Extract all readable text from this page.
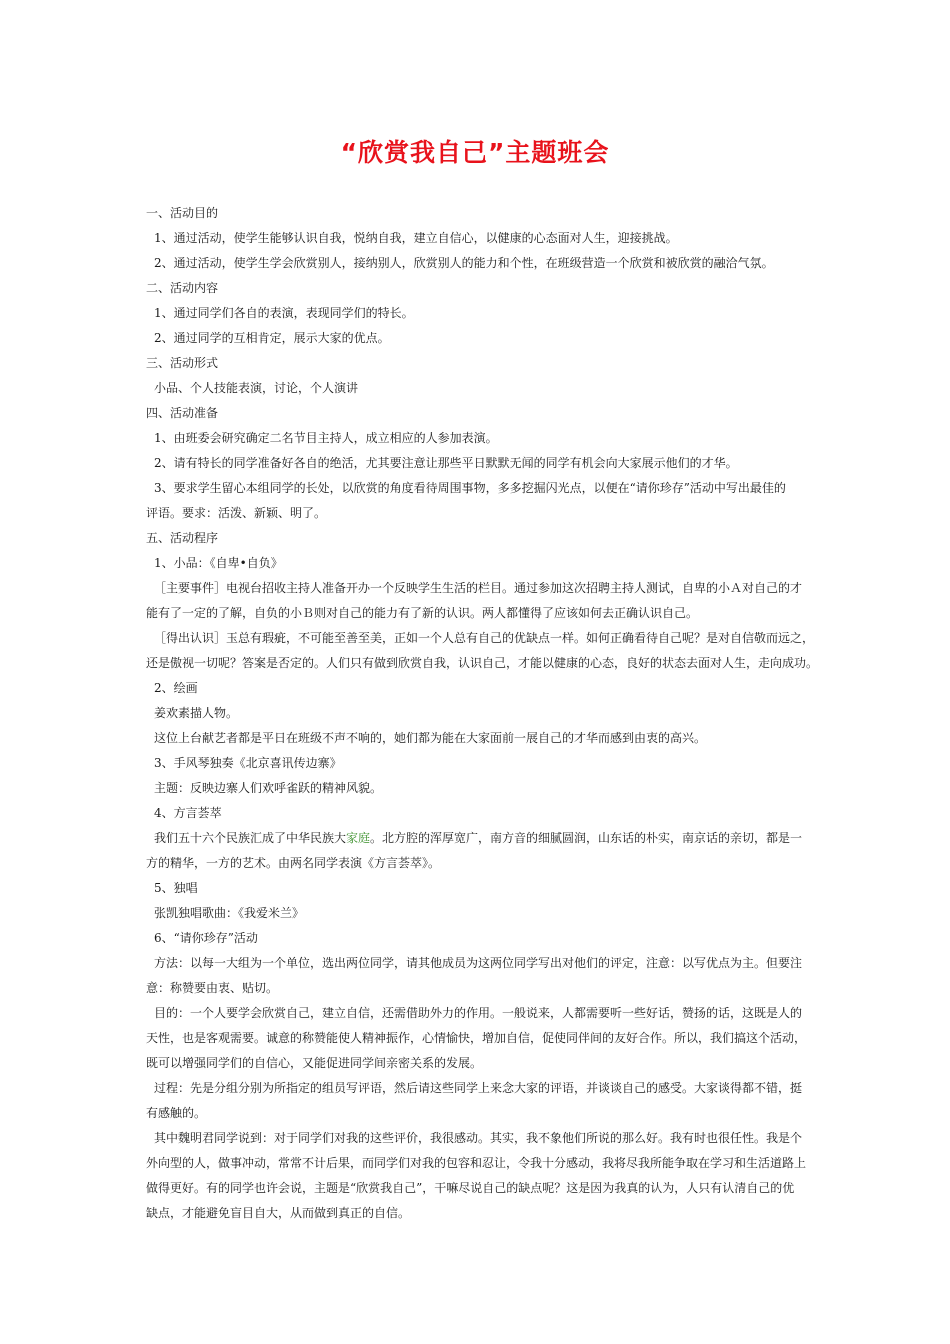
“欣赏我自己”主题班会

一、活动目的

1、通过活动，使学生能够认识自我，悦纳自我，建立自信心，以健康的心态面对人生，迎接挑战。

2、通过活动，使学生学会欣赏别人，接纳别人，欣赏别人的能力和个性，在班级营造一个欣赏和被欣赏的融洽气氛。

二、活动内容

1、通过同学们各自的表演，表现同学们的特长。

2、通过同学的互相肯定，展示大家的优点。

三、活动形式

小品、个人技能表演，讨论，个人演讲

四、活动准备

1、由班委会研究确定二名节目主持人，成立相应的人参加表演。

2、请有特长的同学准备好各自的绝活，尤其要注意让那些平日默默无闻的同学有机会向大家展示他们的才华。

3、要求学生留心本组同学的长处，以欣赏的角度看待周围事物，多多挖掘闪光点，以便在“请你珍存”活动中写出最佳的

评语。要求：活泼、新颖、明了。

五、活动程序

1、小品：《自卑•自负》

［主要事件］电视台招收主持人准备开办一个反映学生生活的栏目。通过参加这次招聘主持人测试，自卑的小Ａ对自己的才

能有了一定的了解，自负的小Ｂ则对自己的能力有了新的认识。两人都懂得了应该如何去正确认识自己。

［得出认识］玉总有瑕疵，不可能至善至美，正如一个人总有自己的优缺点一样。如何正确看待自己呢？是对自信敬而远之，

还是傲视一切呢？答案是否定的。人们只有做到欣赏自我，认识自己，才能以健康的心态，良好的状态去面对人生，走向成功。

2、绘画

姜欢素描人物。

这位上台献艺者都是平日在班级不声不响的，她们都为能在大家面前一展自己的才华而感到由衷的高兴。

3、手风琴独奏《北京喜讯传边寨》

主题：反映边寨人们欢呼雀跃的精神风貌。

4、方言荟萃

我们五十六个民族汇成了中华民族大家庭。北方腔的浑厚宽广，南方音的细腻圆润，山东话的朴实，南京话的亲切，都是一

方的精华，一方的艺术。由两名同学表演《方言荟萃》。

5、独唱

张凯独唱歌曲：《我爱米兰》

6、“请你珍存”活动

方法：以每一大组为一个单位，选出两位同学，请其他成员为这两位同学写出对他们的评定，注意：以写优点为主。但要注

意：称赞要由衷、贴切。

目的：一个人要学会欣赏自己，建立自信，还需借助外力的作用。一般说来，人都需要听一些好话，赞扬的话，这既是人的

天性，也是客观需要。诚意的称赞能使人精神振作，心情愉快，增加自信，促使同伴间的友好合作。所以，我们搞这个活动，

既可以增强同学们的自信心，又能促进同学间亲密关系的发展。

过程：先是分组分别为所指定的组员写评语，然后请这些同学上来念大家的评语，并谈谈自己的感受。大家谈得都不错，挺

有感触的。

其中魏明君同学说到：对于同学们对我的这些评价，我很感动。其实，我不象他们所说的那么好。我有时也很任性。我是个

外向型的人，做事冲动，常常不计后果，而同学们对我的包容和忍让，令我十分感动，我将尽我所能争取在学习和生活道路上

做得更好。有的同学也许会说，主题是“欣赏我自己”，干嘛尽说自己的缺点呢？这是因为我真的认为，人只有认清自己的优

缺点，才能避免盲目自大，从而做到真正的自信。
